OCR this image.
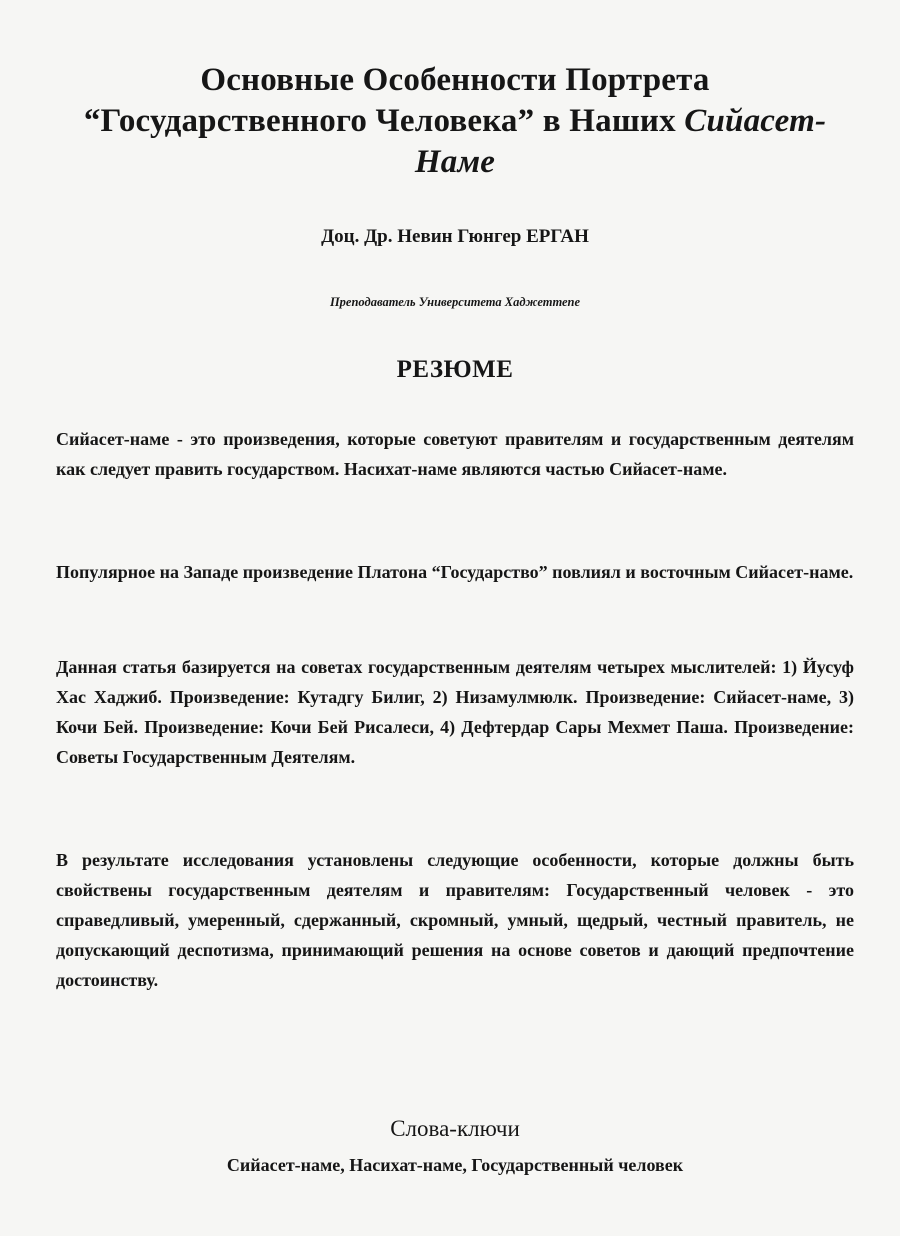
Основные Особенности Портрета
“Государственного Человека” в Наших Сийасет-Наме
Доц. Др. Невин Гюнгер ЕРГАН
Преподаватель Университета Хаджеттепе
РЕЗЮМЕ
Сийасет-наме - это произведения, которые советуют правителям и государственным деятелям как следует править государством. Насихат-наме являются частью Сийасет-наме.
Популярное на Западе произведение Платона “Государство” повлиял и восточным Сийасет-наме.
Данная статья базируется на советах государственным деятелям четырех мыслителей: 1) Йусуф Хас Хаджиб. Произведение: Кутадгу Билиг, 2) Низамулмюлк. Произведение: Сийасет-наме, 3) Кочи Бей. Произведение: Кочи Бей Рисалеси, 4) Дефтердар Сары Мехмет Паша. Произведение: Советы Государственным Деятелям.
В результате исследования установлены следующие особенности, которые должны быть свойствены государственным деятелям и правителям: Государственный человек - это справедливый, умеренный, сдержанный, скромный, умный, щедрый, честный правитель, не допускающий деспотизма, принимающий решения на основе советов и дающий предпочтение достоинству.
Слова-ключи
Сийасет-наме, Насихат-наме, Государственный человек
